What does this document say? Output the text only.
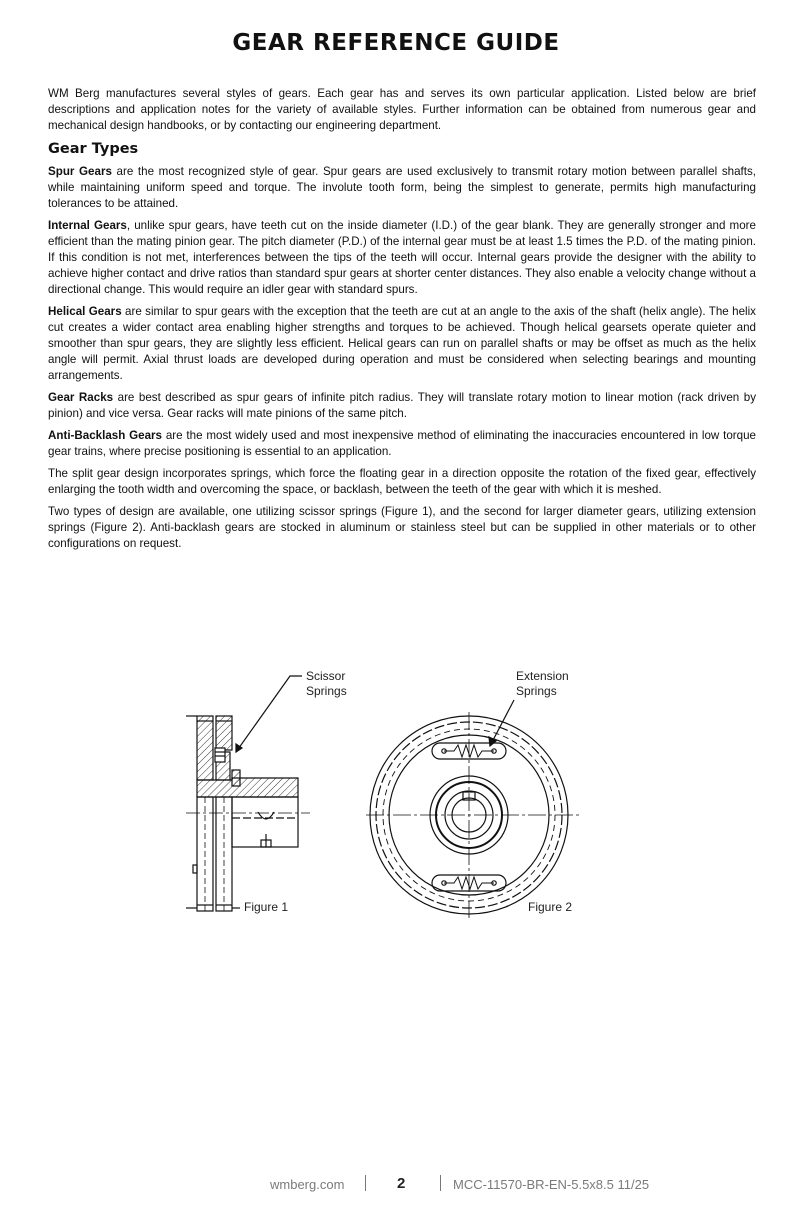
GEAR REFERENCE GUIDE

WM Berg manufactures several styles of gears. Each gear has and serves its own particular application. Listed below are brief descriptions and application notes for the variety of available styles. Further information can be obtained from numerous gear and mechanical design handbooks, or by contacting our engineering department.

Gear Types

Spur Gears are the most recognized style of gear. Spur gears are used exclusively to transmit rotary motion between parallel shafts, while maintaining uniform speed and torque. The involute tooth form, being the simplest to generate, permits high manufacturing tolerances to be attained.

Internal Gears, unlike spur gears, have teeth cut on the inside diameter (I.D.) of the gear blank. They are generally stronger and more efficient than the mating pinion gear. The pitch diameter (P.D.) of the internal gear must be at least 1.5 times the P.D. of the mating pinion. If this condition is not met, interferences between the tips of the teeth will occur. Internal gears provide the designer with the ability to achieve higher contact and drive ratios than standard spur gears at shorter center distances. They also enable a velocity change without a directional change. This would require an idler gear with standard spurs.

Helical Gears are similar to spur gears with the exception that the teeth are cut at an angle to the axis of the shaft (helix angle). The helix cut creates a wider contact area enabling higher strengths and torques to be achieved. Though helical gearsets operate quieter and smoother than spur gears, they are slightly less efficient. Helical gears can run on parallel shafts or may be offset as much as the helix angle will permit. Axial thrust loads are developed during operation and must be considered when selecting bearings and mounting arrangements.

Gear Racks are best described as spur gears of infinite pitch radius. They will translate rotary motion to linear motion (rack driven by pinion) and vice versa. Gear racks will mate pinions of the same pitch.

Anti-Backlash Gears are the most widely used and most inexpensive method of eliminating the inaccuracies encountered in low torque gear trains, where precise positioning is essential to an application.

The split gear design incorporates springs, which force the floating gear in a direction opposite the rotation of the fixed gear, effectively enlarging the tooth width and overcoming the space, or backlash, between the teeth of the gear with which it is meshed.

Two types of design are available, one utilizing scissor springs (Figure 1), and the second for larger diameter gears, utilizing extension springs (Figure 2). Anti-backlash gears are stocked in aluminum or stainless steel but can be supplied in other materials or to other configurations on request.

Scissor
Springs
Figure 1
Extension
Springs
Figure 2
wmberg.com	2	MCC-11570-BR-EN-5.5x8.5 11/25
